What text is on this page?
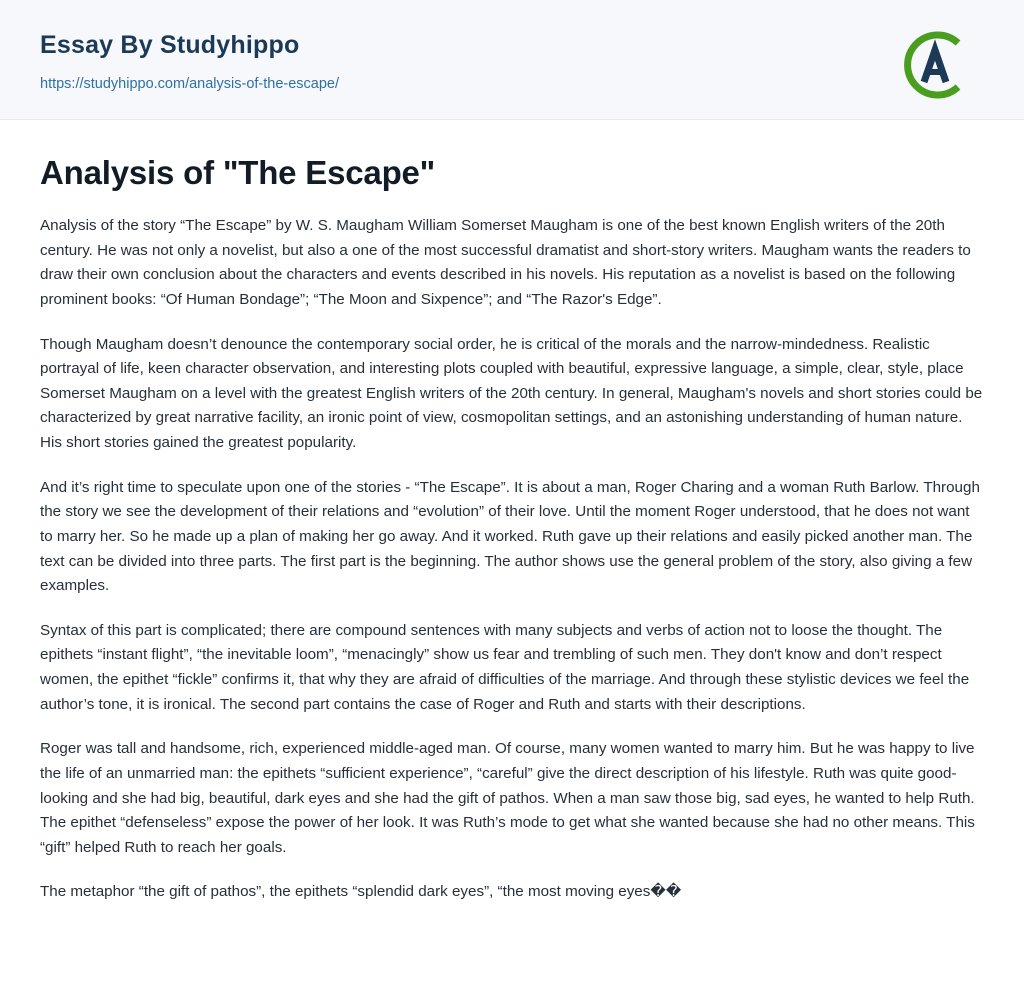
Essay By Studyhippo
https://studyhippo.com/analysis-of-the-escape/
Analysis of "The Escape"

Analysis of the story “The Escape” by W. S. Maugham William Somerset Maugham is one of the best known English writers of the 20th century. He was not only a novelist, but also a one of the most successful dramatist and short-story writers. Maugham wants the readers to draw their own conclusion about the characters and events described in his novels. His reputation as a novelist is based on the following prominent books: “Of Human Bondage”; “The Moon and Sixpence”; and “The Razor's Edge”.

Though Maugham doesn’t denounce the contemporary social order, he is critical of the morals and the narrow-mindedness. Realistic portrayal of life, keen character observation, and interesting plots coupled with beautiful, expressive language, a simple, clear, style, place Somerset Maugham on a level with the greatest English writers of the 20th century. In general, Maugham's novels and short stories could be characterized by great narrative facility, an ironic point of view, cosmopolitan settings, and an astonishing understanding of human nature. His short stories gained the greatest popularity.

And it’s right time to speculate upon one of the stories - “The Escape”. It is about a man, Roger Charing and a woman Ruth Barlow. Through the story we see the development of their relations and “evolution” of their love. Until the moment Roger understood, that he does not want to marry her. So he made up a plan of making her go away. And it worked. Ruth gave up their relations and easily picked another man. The text can be divided into three parts. The first part is the beginning. The author shows use the general problem of the story, also giving a few examples.

Syntax of this part is complicated; there are compound sentences with many subjects and verbs of action not to loose the thought. The epithets “instant flight”, “the inevitable loom”, “menacingly” show us fear and trembling of such men. They don't know and don’t respect women, the epithet “fickle” confirms it, that why they are afraid of difficulties of the marriage. And through these stylistic devices we feel the author’s tone, it is ironical. The second part contains the case of Roger and Ruth and starts with their descriptions.

Roger was tall and handsome, rich, experienced middle-aged man. Of course, many women wanted to marry him. But he was happy to live the life of an unmarried man: the epithets “sufficient experience”, “careful” give the direct description of his lifestyle. Ruth was quite good-looking and she had big, beautiful, dark eyes and she had the gift of pathos. When a man saw those big, sad eyes, he wanted to help Ruth. The epithet “defenseless” expose the power of her look. It was Ruth’s mode to get what she wanted because she had no other means. This “gift” helped Ruth to reach her goals.

The metaphor “the gift of pathos”, the epithets “splendid dark eyes”, “the most moving eyes��
